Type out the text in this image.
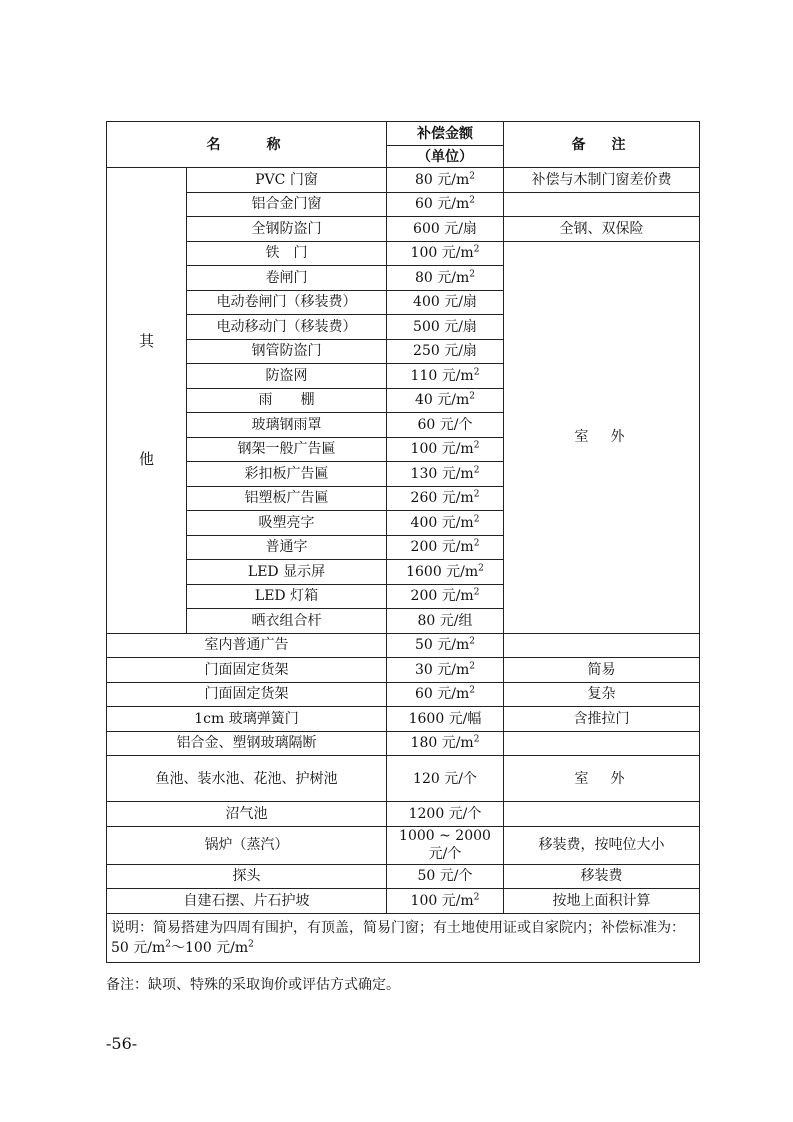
名　　称		补偿金额	备　注
		（单位）	

其
他	PVC 门窗	80 元$/m^2$	补偿与木制门窗差价费
	铝合金门窗	60 元$/m^2$	
	全钢防盗门	600 元/扇	全钢、双保险
	铁　门	100 元$/m^2$	室　外
	卷闸门	80 元$/m^2$
	电动卷闸门（移装费）	400 元/扇	
	电动移动门（移装费）	500 元/扇	
	钢管防盗门	250 元/扇	
	防盗网	110 元$/m^2$
	雨　　棚	40 元$/m^2$
	玻璃钢雨罩	60 元/个	
	钢架一般广告匾	100 元$/m^2$
	彩扣板广告匾	130 元$/m^2$
	铝塑板广告匾	260 元$/m^2$
	吸塑亮字	400 元$/m^2$
	普通字	200 元$/m^2$
	LED 显示屏	1600 元$/m^2$
	LED 灯箱	200 元$/m^2$
	晒衣组合杆	80 元/组	
室内普通广告		50 元$/m^2$	
门面固定货架		30 元$/m^2$	简易
门面固定货架		60 元$/m^2$	复杂
1cm 玻璃弹簧门		1600 元/幅	含推拉门
铝合金、塑钢玻璃隔断		180 元$/m^2$	
鱼池、装水池、花池、护树池		120 元/个	室　外
沼气池		1200 元/个	
锅炉（蒸汽）		1000 ~ 2000 元/个	移装费，按吨位大小
探头		50 元/个	移装费
自建石摆、片石护坡		100 元$/m^2$	按地上面积计算
说明：简易搭建为四周有围护，有顶盖，简易门窗；有土地使用证或自家院内；补偿标准为：50 元$/m^2\sim 100$ 元$/m^2$
备注：缺项、特殊的采取询价或评估方式确定。
-56-
